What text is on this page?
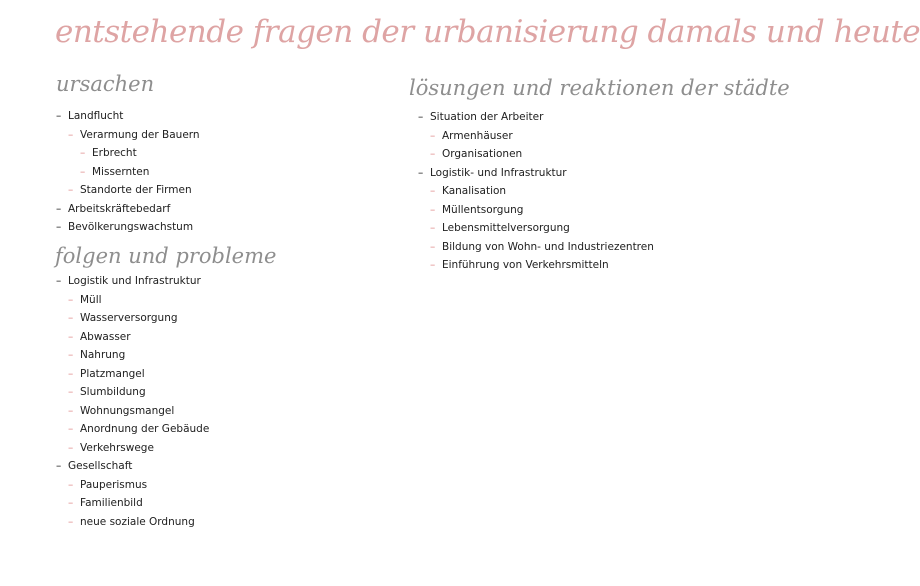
entstehende fragen der urbanisierung damals und heute
ursachen
– Landflucht
– Verarmung der Bauern
– Erbrecht
– Missernten
– Standorte der Firmen
– Arbeitskräftebedarf
– Bevölkerungswachstum
folgen und probleme
– Logistik und Infrastruktur
– Müll
– Wasserversorgung
– Abwasser
– Nahrung
– Platzmangel
– Slumbildung
– Wohnungsmangel
– Anordnung der Gebäude
– Verkehrswege
– Gesellschaft
– Pauperismus
– Familienbild
– neue soziale Ordnung
lösungen und reaktionen der städte
– Situation der Arbeiter
– Armenhäuser
– Organisationen
– Logistik- und Infrastruktur
– Kanalisation
– Müllentsorgung
– Lebensmittelversorgung
– Bildung von Wohn- und Industriezentren
– Einführung von Verkehrsmitteln
